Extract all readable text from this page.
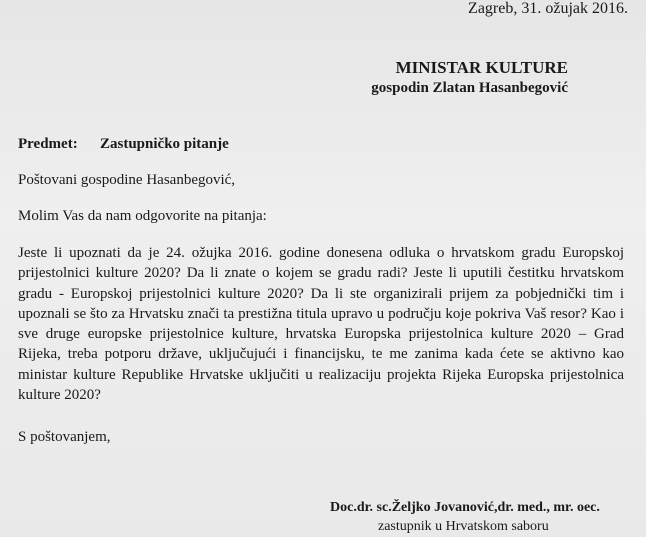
Zagreb, 31. ožujak 2016.
MINISTAR KULTURE
gospodin Zlatan Hasanbegović
Predmet: Zastupničko pitanje
Poštovani gospodine Hasanbegović,
Molim Vas da nam odgovorite na pitanja:
Jeste li upoznati da je 24. ožujka 2016. godine donesena odluka o hrvatskom gradu Europskoj prijestolnici kulture 2020? Da li znate o kojem se gradu radi? Jeste li uputili čestitku hrvatskom gradu - Europskoj prijestolnici kulture 2020? Da li ste organizirali prijem za pobjednički tim i upoznali se što za Hrvatsku znači ta prestižna titula upravo u području koje pokriva Vaš resor? Kao i sve druge europske prijestolnice kulture, hrvatska Europska prijestolnica kulture 2020 – Grad Rijeka, treba potporu države, uključujući i financijsku, te me zanima kada ćete se aktivno kao ministar kulture Republike Hrvatske uključiti u realizaciju projekta Rijeka Europska prijestolnica kulture 2020?
S poštovanjem,
Doc.dr. sc.Željko Jovanović,dr. med., mr. oec.
zastupnik u Hrvatskom saboru
